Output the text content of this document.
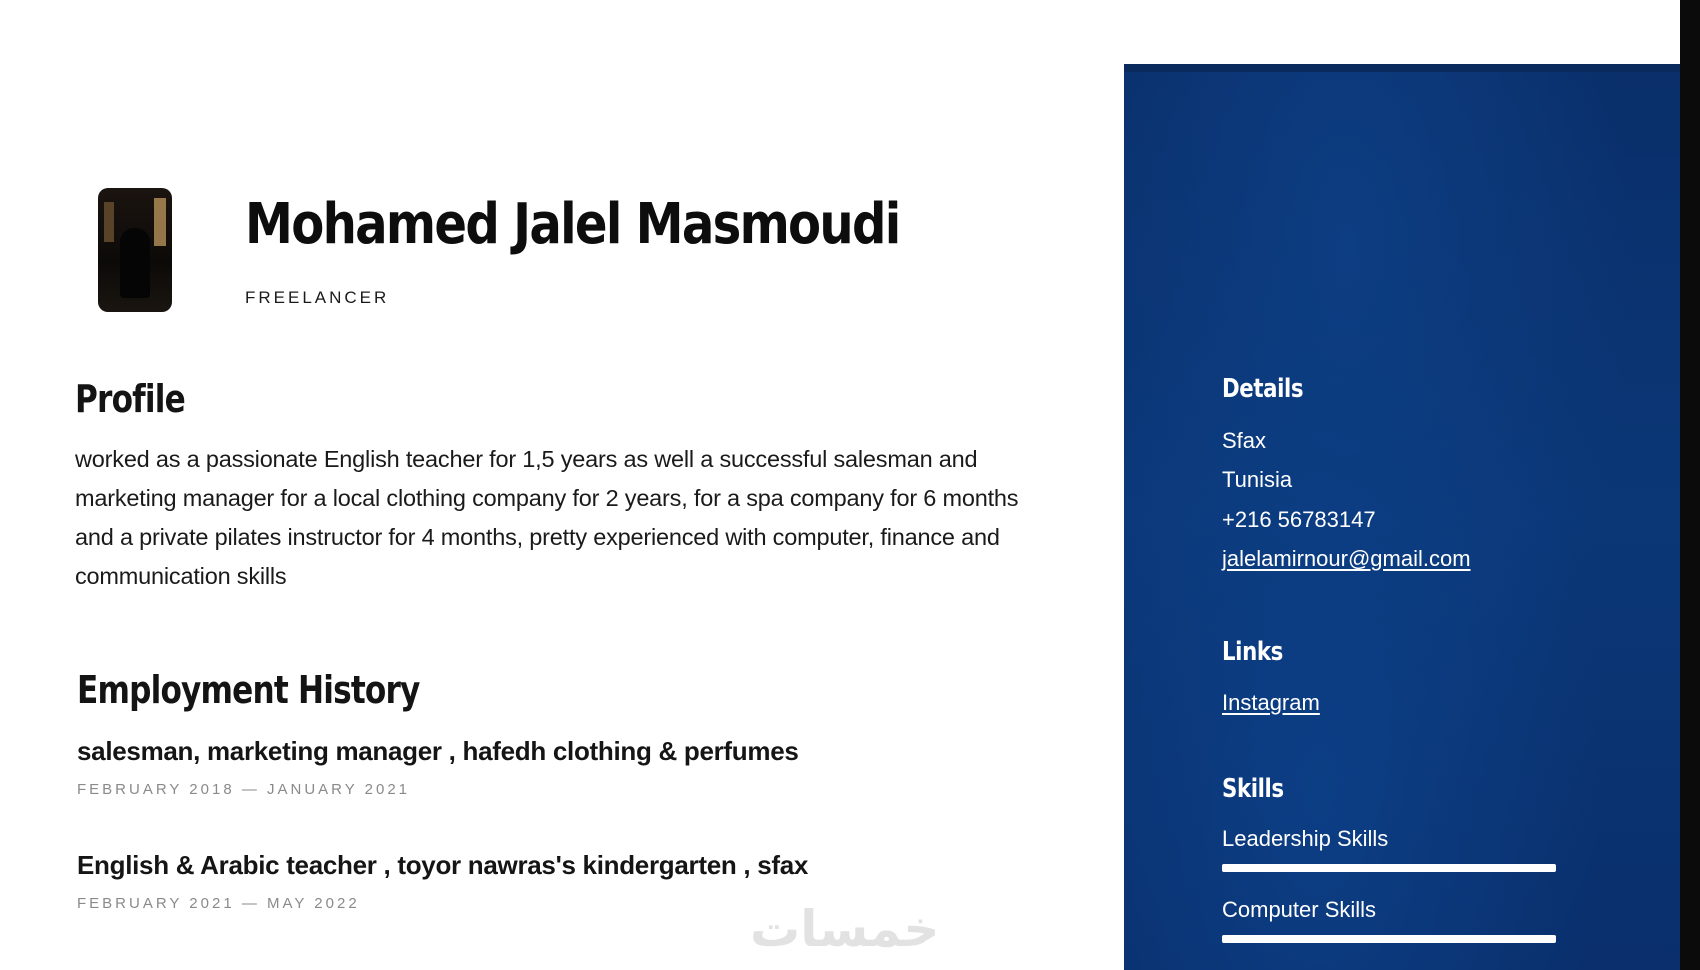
Mohamed Jalel Masmoudi
FREELANCER
Profile

worked as a passionate English teacher for 1,5 years as well a successful salesman and marketing manager for a local clothing company for 2 years, for a spa company for 6 months and a private pilates instructor for 4 months, pretty experienced with computer, finance and communication skills

Employment History
salesman, marketing manager , hafedh clothing & perfumes
FEBRUARY 2018 — JANUARY 2021
English & Arabic teacher , toyor nawras's kindergarten , sfax
FEBRUARY 2021 — MAY 2022	خمسات
Details
Sfax
Tunisia
+216 56783147
jalelamirnour@gmail.com
Links
Instagram
Skills
Leadership Skills
Computer Skills
